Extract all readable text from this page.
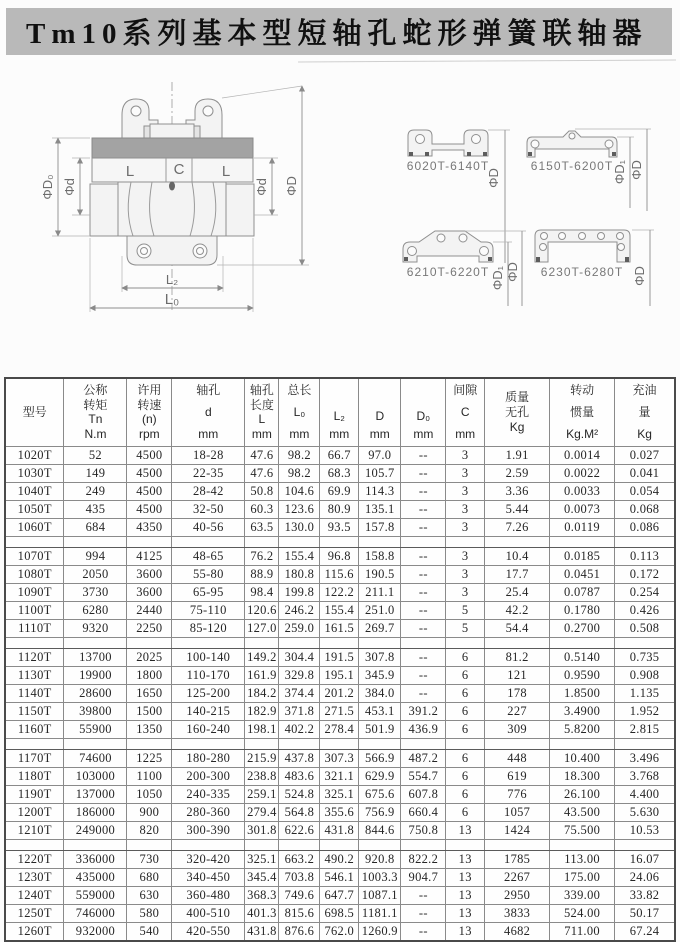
Tm10系列基本型短轴孔蛇形弹簧联轴器
L	C L
ΦD₀ Φd	Φd ΦD
L₂
L₀
6020T-6140T
ΦD
6150T-6200T
ΦD₁ ΦD
6210T-6220T ΦD₁ ΦD 6230T-6280T ΦD
型号

公称
转矩
Tn
N.m

许用
转速
(n)
rpm

轴孔
d
mm

轴孔
长度
L
mm

总长
L₀
mm

L₂
mm

D
mm

D₀
mm

间隙
C
mm

质量
无孔
Kg

转动
惯量
Kg.M²

充油
量
Kg

1020T	52	4500	18-28	47.6	98.2	66.7	97.0	--	3	1.91	0.0014	0.027
1030T	149	4500	22-35	47.6	98.2	68.3	105.7	--	3	2.59	0.0022	0.041
1040T	249	4500	28-42	50.8	104.6	69.9	114.3	--	3	3.36	0.0033	0.054
1050T	435	4500	32-50	60.3	123.6	80.9	135.1	--	3	5.44	0.0073	0.068
1060T	684	4350	40-56	63.5	130.0	93.5	157.8	--	3	7.26	0.0119	0.086

1070T	994	4125	48-65	76.2	155.4	96.8	158.8	--	3	10.4	0.0185	0.113
1080T	2050	3600	55-80	88.9	180.8	115.6	190.5	--	3	17.7	0.0451	0.172
1090T	3730	3600	65-95	98.4	199.8	122.2	211.1	--	3	25.4	0.0787	0.254
1100T	6280	2440	75-110	120.6	246.2	155.4	251.0	--	5	42.2	0.1780	0.426
1110T	9320	2250	85-120	127.0	259.0	161.5	269.7	--	5	54.4	0.2700	0.508

1120T	13700	2025	100-140	149.2	304.4	191.5	307.8	--	6	81.2	0.5140	0.735
1130T	19900	1800	110-170	161.9	329.8	195.1	345.9	--	6	121	0.9590	0.908
1140T	28600	1650	125-200	184.2	374.4	201.2	384.0	--	6	178	1.8500	1.135
1150T	39800	1500	140-215	182.9	371.8	271.5	453.1	391.2	6	227	3.4900	1.952
1160T	55900	1350	160-240	198.1	402.2	278.4	501.9	436.9	6	309	5.8200	2.815

1170T	74600	1225	180-280	215.9	437.8	307.3	566.9	487.2	6	448	10.400	3.496
1180T	103000	1100	200-300	238.8	483.6	321.1	629.9	554.7	6	619	18.300	3.768
1190T	137000	1050	240-335	259.1	524.8	325.1	675.6	607.8	6	776	26.100	4.400
1200T	186000	900	280-360	279.4	564.8	355.6	756.9	660.4	6	1057	43.500	5.630
1210T	249000	820	300-390	301.8	622.6	431.8	844.6	750.8	13	1424	75.500	10.53

1220T	336000	730	320-420	325.1	663.2	490.2	920.8	822.2	13	1785	113.00	16.07
1230T	435000	680	340-450	345.4	703.8	546.1	1003.3	904.7	13	2267	175.00	24.06
1240T	559000	630	360-480	368.3	749.6	647.7	1087.1	--	13	2950	339.00	33.82
1250T	746000	580	400-510	401.3	815.6	698.5	1181.1	--	13	3833	524.00	50.17
1260T	932000	540	420-550	431.8	876.6	762.0	1260.9	--	13	4682	711.00	67.24
